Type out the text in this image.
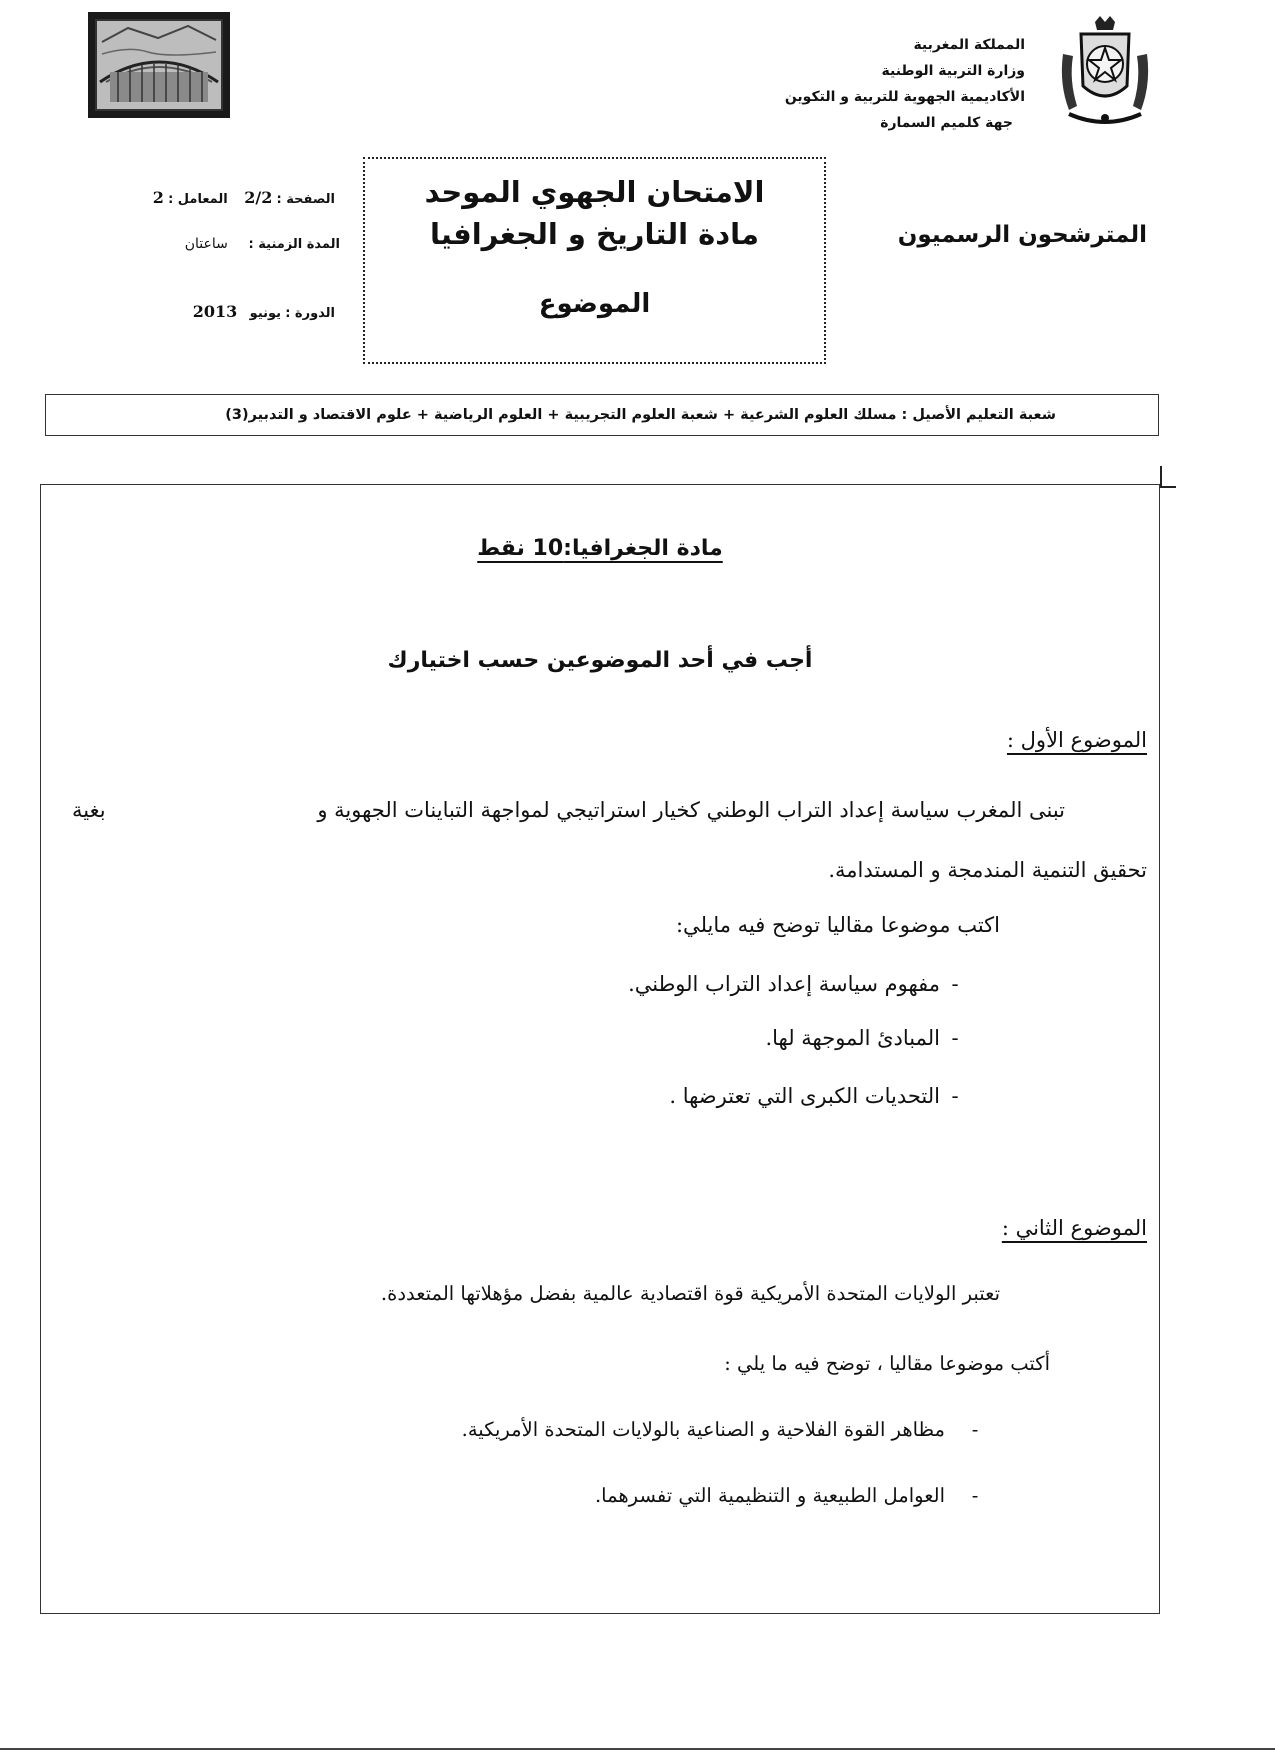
المملكة المغربية
وزارة التربية الوطنية
الأكاديمية الجهوية للتربية و التكوين
جهة كلميم السمارة
المترشحون الرسميون
الامتحان الجهوي الموحد
مادة التاريخ و الجغرافيا
الموضوع
الصفحة : 2/2    المعامل : 2
المدة الزمنية :     ساعتان
الدورة : يونيو   2013
شعبة التعليم الأصيل : مسلك العلوم الشرعية + شعبة العلوم التجريبية + العلوم الرياضية + علوم الاقتصاد و التدبير(3)
مادة الجغرافيا:10 نقط
أجب في أحد الموضوعين حسب اختيارك
الموضوع الأول :
تبنى المغرب سياسة إعداد التراب الوطني كخيار استراتيجي لمواجهة التباينات الجهوية و
بغية
تحقيق التنمية المندمجة و المستدامة.
اكتب موضوعا مقاليا توضح فيه مايلي:
-مفهوم سياسة إعداد التراب الوطني.
-المبادئ الموجهة لها.
-التحديات الكبرى التي تعترضها .
الموضوع الثاني :
تعتبر الولايات المتحدة الأمريكية قوة اقتصادية عالمية بفضل مؤهلاتها المتعددة.
أكتب موضوعا مقاليا ، توضح فيه ما يلي :
-مظاهر القوة الفلاحية و الصناعية بالولايات المتحدة الأمريكية.
-العوامل الطبيعية و التنظيمية التي تفسرهما.
